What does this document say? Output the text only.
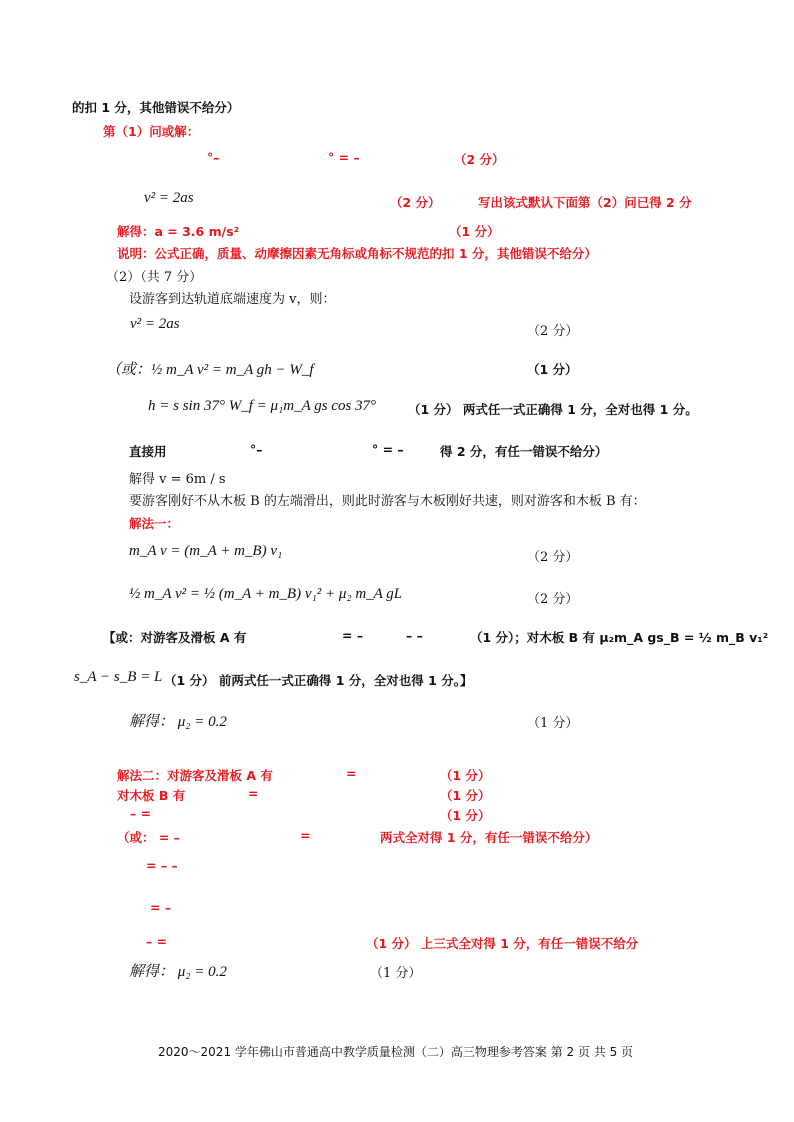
的扣 1 分，其他错误不给分）
第（1）问或解：
°–	° = –	（2 分）
v² = 2as	（2 分）	写出该式默认下面第（2）问已得 2 分
解得：a = 3.6 m/s²	（1 分）
说明：公式正确，质量、动摩擦因素无角标或角标不规范的扣 1 分，其他错误不给分）
（2）（共 7 分）
设游客到达轨道底端速度为 v，则：
v² = 2as	（2 分）
（或：½ m_A v² = m_A gh − W_f	（1 分）
h = s sin 37° W_f = μ₁m_A gs cos 37°	（1 分） 两式任一式正确得 1 分，全对也得 1 分。
直接用	°–	° = –	得 2 分，有任一错误不给分）
解得 v = 6m / s
要游客刚好不从木板 B 的左端滑出，则此时游客与木板刚好共速，则对游客和木板 B 有：
解法一：
m_A v = (m_A + m_B) v₁	（2 分）
½ m_A v² = ½ (m_A + m_B) v₁² + μ₂ m_A gL	（2 分）
【或：对游客及滑板 A 有	= –	– –	（1 分）；对木板 B 有 μ₂m_A gs_B = ½ m_B v₁²
s_A − s_B = L （1 分） 前两式任一式正确得 1 分，全对也得 1 分。】
解得： μ₂ = 0.2	（1 分）
解法二：对游客及滑板 A 有	=	（1 分）
对木板 B 有	=	（1 分）
– =	（1 分）
（或： = –	=	两式全对得 1 分，有任一错误不给分）
= – –
= –
– =	（1 分） 上三式全对得 1 分，有任一错误不给分
解得： μ₂ = 0.2	（1 分）
2020～2021 学年佛山市普通高中教学质量检测（二）高三物理参考答案 第 2 页 共 5 页
